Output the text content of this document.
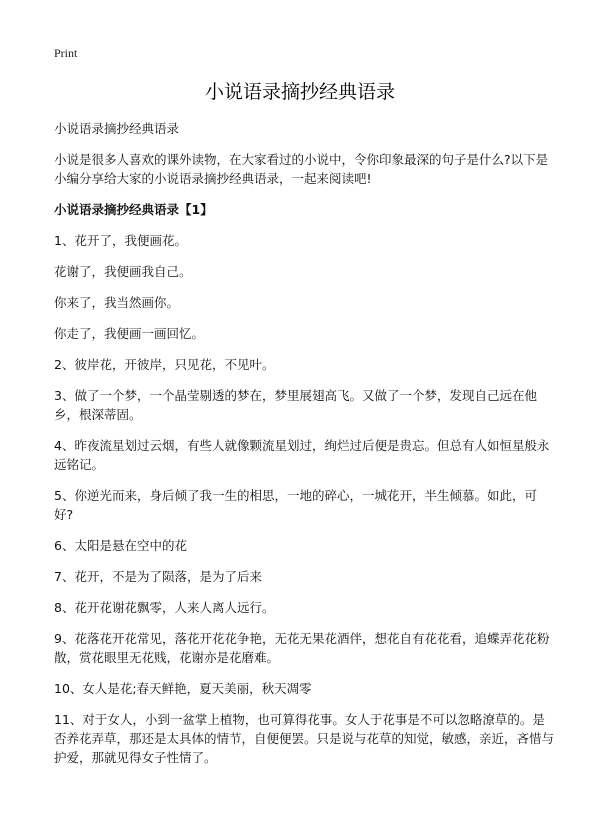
Print
小说语录摘抄经典语录

小说语录摘抄经典语录

小说是很多人喜欢的课外读物，在大家看过的小说中，令你印象最深的句子是什么?以下是小编分享给大家的小说语录摘抄经典语录，一起来阅读吧!

小说语录摘抄经典语录【1】

1、花开了，我便画花。

花谢了，我便画我自己。

你来了，我当然画你。

你走了，我便画一画回忆。

2、彼岸花，开彼岸，只见花，不见叶。

3、做了一个梦，一个晶莹剔透的梦在，梦里展翅高飞。又做了一个梦，发现自己远在他乡，根深蒂固。

4、昨夜流星划过云烟，有些人就像颗流星划过，绚烂过后便是贵忘。但总有人如恒星般永远铭记。

5、你逆光而来，身后倾了我一生的相思，一地的碎心，一城花开，半生倾慕。如此，可好?

6、太阳是悬在空中的花

7、花开，不是为了陨落，是为了后来

8、花开花谢花飘零，人来人离人远行。

9、花落花开花常见，落花开花花争艳，无花无果花酒伴，想花自有花花看，追蝶弄花花粉散，赏花眼里无花贱，花谢亦是花磨难。

10、女人是花;春天鲜艳，夏天美丽，秋天凋零

11、对于女人，小到一盆掌上植物，也可算得花事。女人于花事是不可以忽略潦草的。是否养花弄草，那还是太具体的情节，自便便罢。只是说与花草的知觉，敏感，亲近，吝惜与护爱，那就见得女子性情了。
